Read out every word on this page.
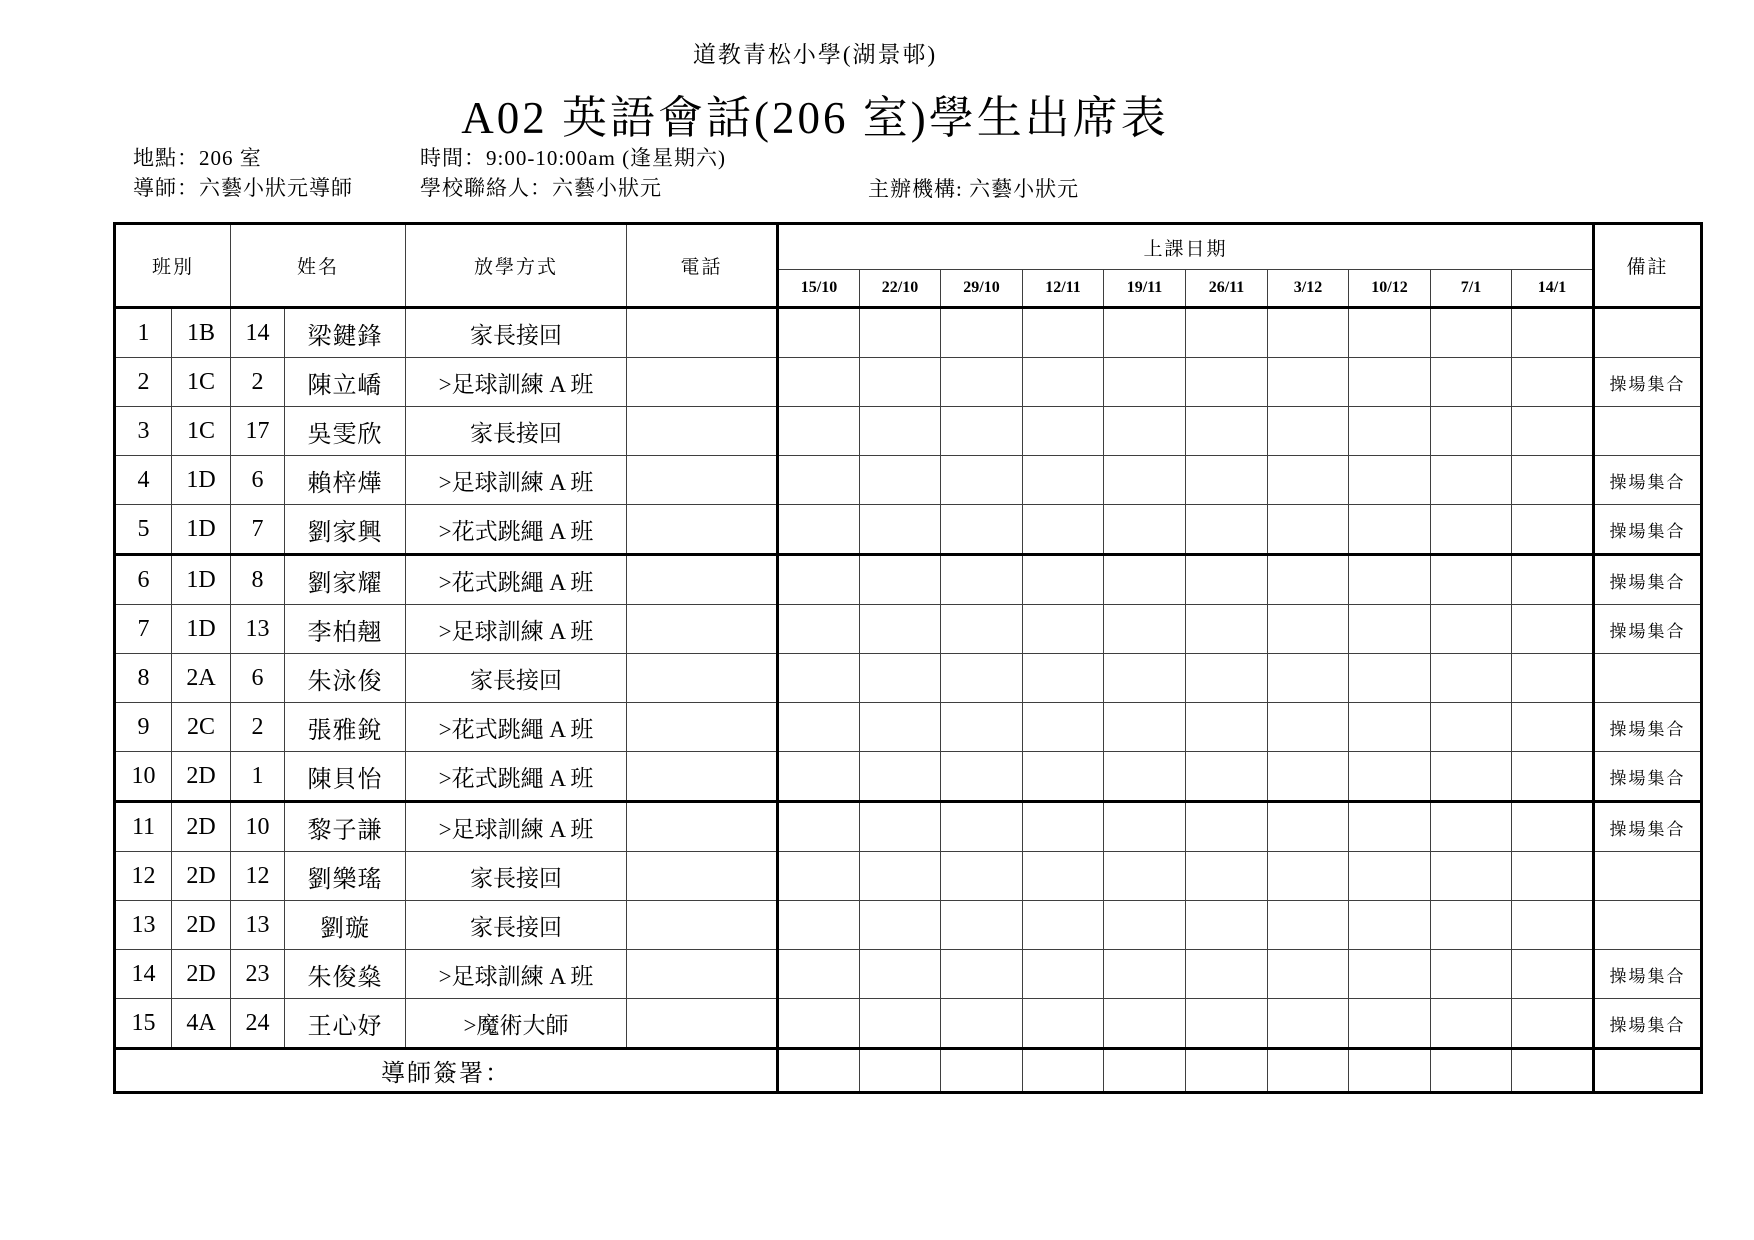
道教青松小學(湖景邨)
A02 英語會話(206 室)學生出席表
地點：206 室	時間：9:00-10:00am (逢星期六)
導師：六藝小狀元導師	學校聯絡人：六藝小狀元	主辦機構: 六藝小狀元
班別		姓名		放學方式	電話	上課日期										備註
						15/10	22/10	29/10	12/11	19/11	26/11	3/12	10/12	7/1	14/1	
1	1B	14	梁鍵鋒	家長接回												
2	1C	2	陳立嶠	>足球訓練 A 班												操場集合
3	1C	17	吳雯欣	家長接回												
4	1D	6	賴梓燁	>足球訓練 A 班												操場集合
5	1D	7	劉家興	>花式跳繩 A 班												操場集合
6	1D	8	劉家耀	>花式跳繩 A 班												操場集合
7	1D	13	李柏翹	>足球訓練 A 班												操場集合
8	2A	6	朱泳俊	家長接回												
9	2C	2	張雅銳	>花式跳繩 A 班												操場集合
10	2D	1	陳貝怡	>花式跳繩 A 班												操場集合
11	2D	10	黎子謙	>足球訓練 A 班												操場集合
12	2D	12	劉樂瑤	家長接回												
13	2D	13	劉璇	家長接回												
14	2D	23	朱俊燊	>足球訓練 A 班												操場集合
15	4A	24	王心妤	>魔術大師												操場集合
導師簽署：																
